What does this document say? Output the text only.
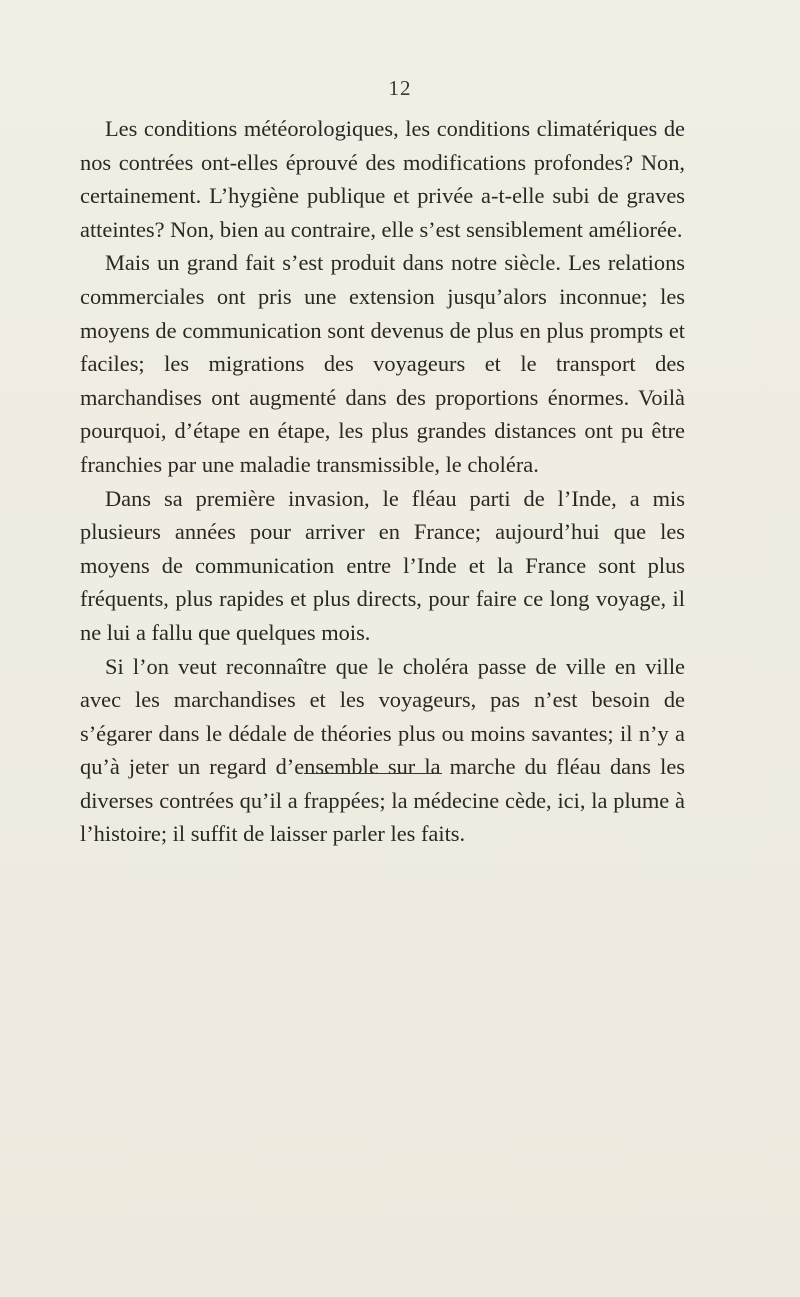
12

Les conditions météorologiques, les conditions climatériques de nos contrées ont-elles éprouvé des modifications profondes? Non, certainement. L’hygiène publique et privée a-t-elle subi de graves atteintes? Non, bien au contraire, elle s’est sensiblement améliorée.

Mais un grand fait s’est produit dans notre siècle. Les relations commerciales ont pris une extension jusqu’alors inconnue; les moyens de communication sont devenus de plus en plus prompts et faciles; les migrations des voyageurs et le transport des marchandises ont augmenté dans des proportions énormes. Voilà pourquoi, d’étape en étape, les plus grandes distances ont pu être franchies par une maladie transmissible, le choléra.

Dans sa première invasion, le fléau parti de l’Inde, a mis plusieurs années pour arriver en France; aujourd’hui que les moyens de communication entre l’Inde et la France sont plus fréquents, plus rapides et plus directs, pour faire ce long voyage, il ne lui a fallu que quelques mois.

Si l’on veut reconnaître que le choléra passe de ville en ville avec les marchandises et les voyageurs, pas n’est besoin de s’égarer dans le dédale de théories plus ou moins savantes; il n’y a qu’à jeter un regard d’ensemble sur la marche du fléau dans les diverses contrées qu’il a frappées; la médecine cède, ici, la plume à l’histoire; il suffit de laisser parler les faits.
